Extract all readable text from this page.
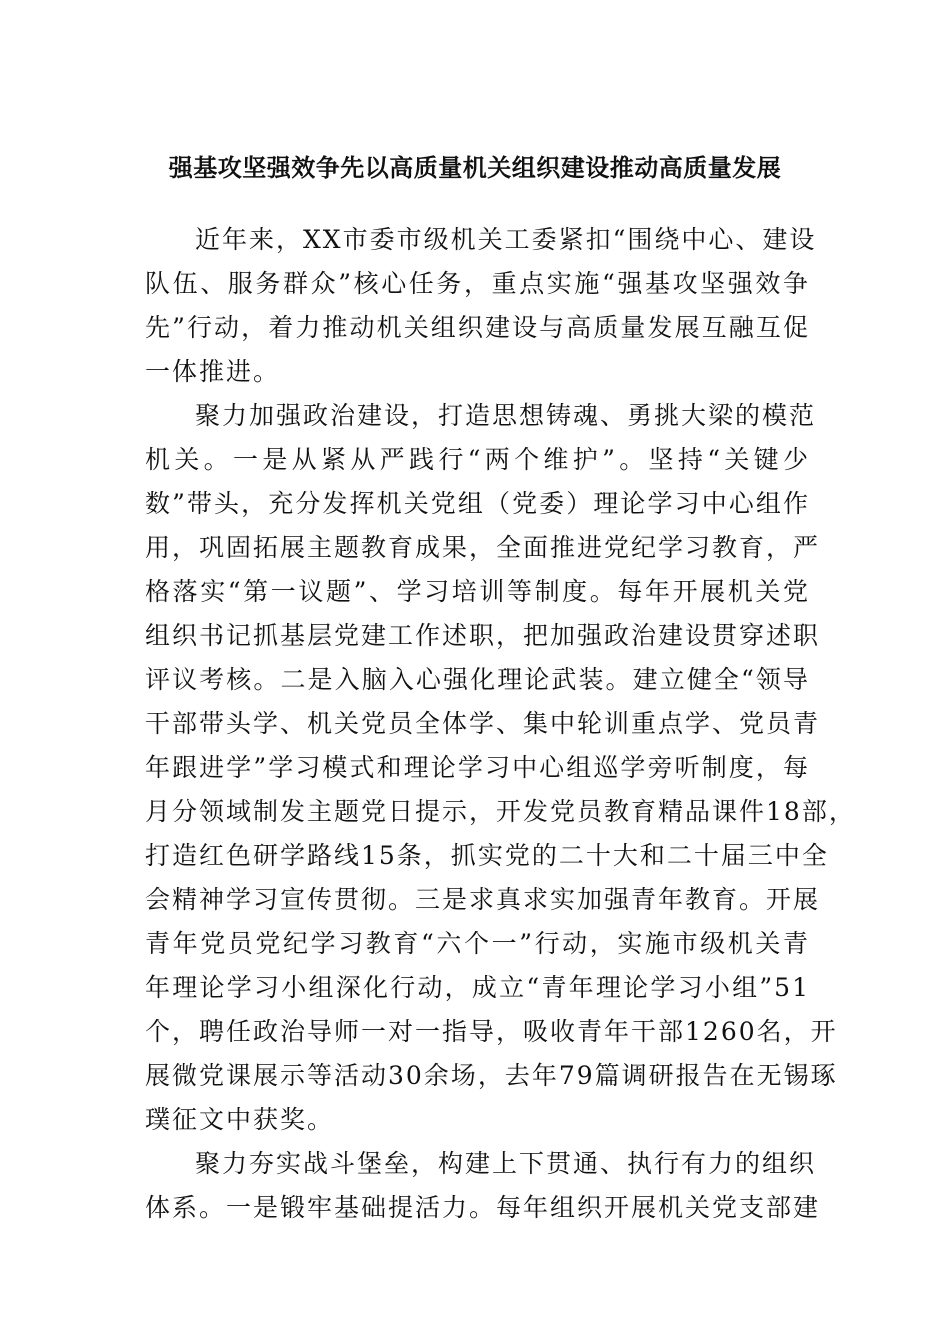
强基攻坚强效争先以高质量机关组织建设推动高质量发展
近年来，XX市委市级机关工委紧扣“围绕中心、建设
队伍、服务群众”核心任务，重点实施“强基攻坚强效争
先”行动，着力推动机关组织建设与高质量发展互融互促
一体推进。
聚力加强政治建设，打造思想铸魂、勇挑大梁的模范
机关。一是从紧从严践行“两个维护”。坚持“关键少
数”带头，充分发挥机关党组（党委）理论学习中心组作
用，巩固拓展主题教育成果，全面推进党纪学习教育，严
格落实“第一议题”、学习培训等制度。每年开展机关党
组织书记抓基层党建工作述职，把加强政治建设贯穿述职
评议考核。二是入脑入心强化理论武装。建立健全“领导
干部带头学、机关党员全体学、集中轮训重点学、党员青
年跟进学”学习模式和理论学习中心组巡学旁听制度，每
月分领域制发主题党日提示，开发党员教育精品课件18部，
打造红色研学路线15条，抓实党的二十大和二十届三中全
会精神学习宣传贯彻。三是求真求实加强青年教育。开展
青年党员党纪学习教育“六个一”行动，实施市级机关青
年理论学习小组深化行动，成立“青年理论学习小组”51
个，聘任政治导师一对一指导，吸收青年干部1260名，开
展微党课展示等活动30余场，去年79篇调研报告在无锡琢
璞征文中获奖。
聚力夯实战斗堡垒，构建上下贯通、执行有力的组织
体系。一是锻牢基础提活力。每年组织开展机关党支部建
